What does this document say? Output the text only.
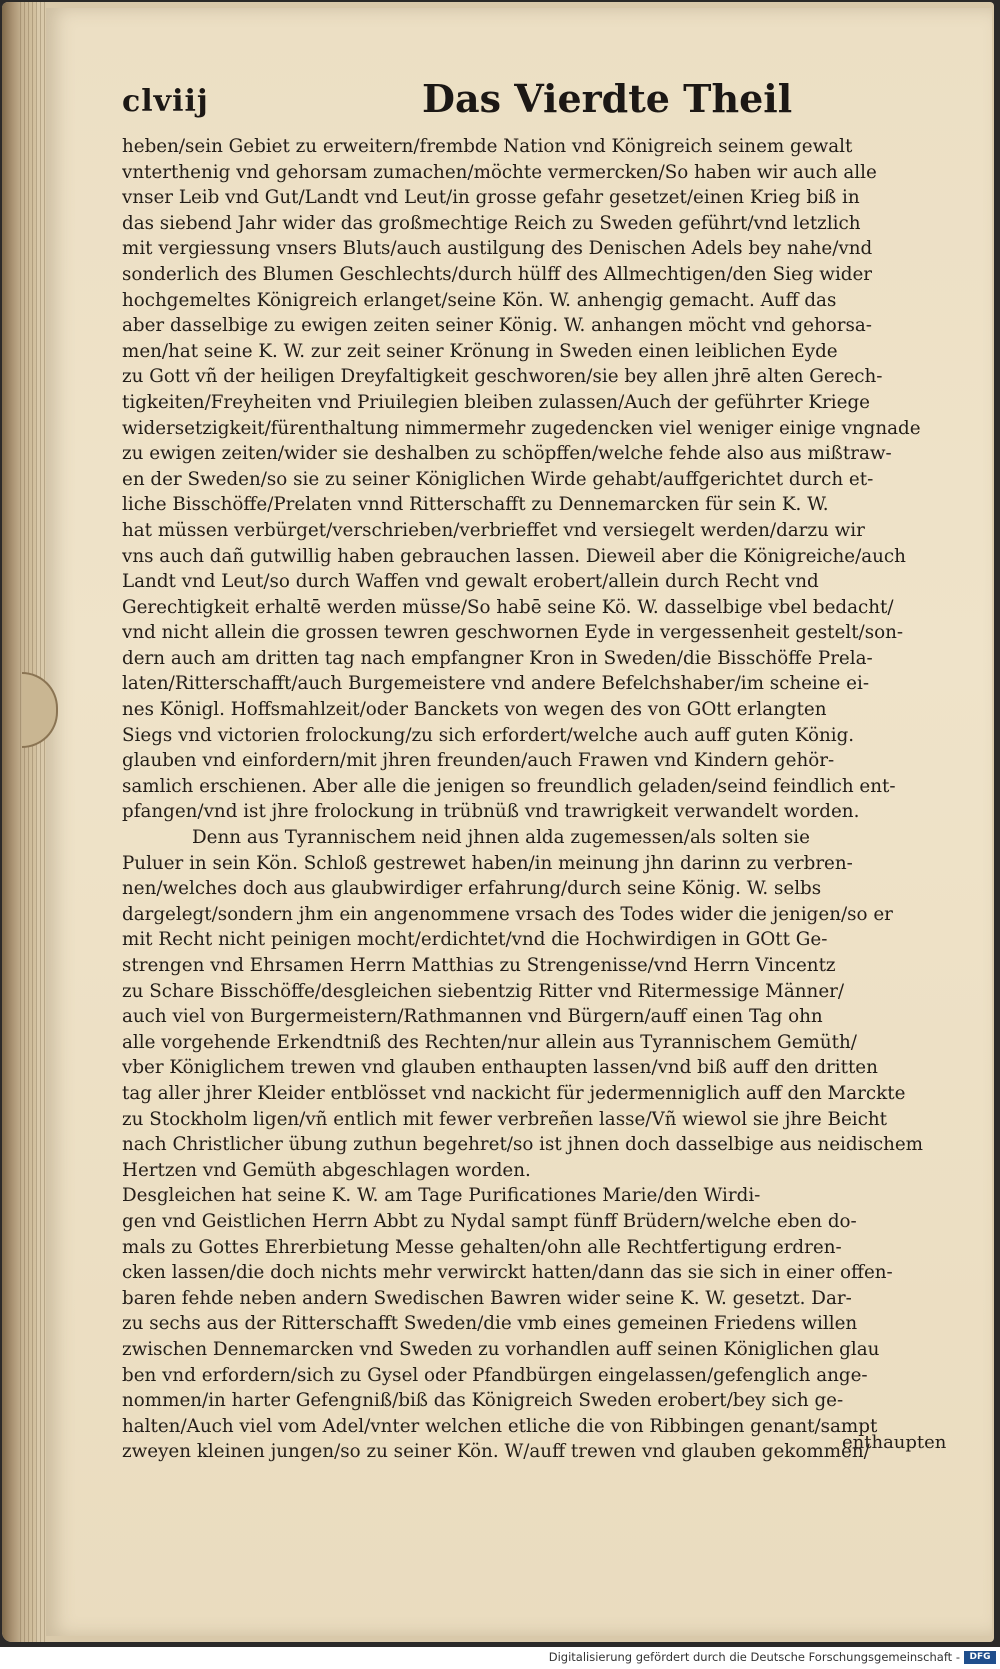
clviij	Das Vierdte Theil
heben/sein Gebiet zu erweitern/frembde Nation vnd Königreich seinem gewalt
vnterthenig vnd gehorsam zumachen/möchte vermercken/So haben wir auch alle
vnser Leib vnd Gut/Landt vnd Leut/in grosse gefahr gesetzet/einen Krieg biß in
das siebend Jahr wider das großmechtige Reich zu Sweden geführt/vnd letzlich
mit vergiessung vnsers Bluts/auch austilgung des Denischen Adels bey nahe/vnd
sonderlich des Blumen Geschlechts/durch hülff des Allmechtigen/den Sieg wider
hochgemeltes Königreich erlanget/seine Kön. W. anhengig gemacht. Auff das
aber dasselbige zu ewigen zeiten seiner König. W. anhangen möcht vnd gehorsa-
men/hat seine K. W. zur zeit seiner Krönung in Sweden einen leiblichen Eyde
zu Gott vñ der heiligen Dreyfaltigkeit geschworen/sie bey allen jhrē alten Gerech-
tigkeiten/Freyheiten vnd Priuilegien bleiben zulassen/Auch der geführter Kriege
widersetzigkeit/fürenthaltung nimmermehr zugedencken viel weniger einige vngnade
zu ewigen zeiten/wider sie deshalben zu schöpffen/welche fehde also aus mißtraw-
en der Sweden/so sie zu seiner Königlichen Wirde gehabt/auffgerichtet durch et-
liche Bisschöffe/Prelaten vnnd Ritterschafft zu Dennemarcken für sein K. W.
hat müssen verbürget/verschrieben/verbrieffet vnd versiegelt werden/darzu wir
vns auch dañ gutwillig haben gebrauchen lassen. Dieweil aber die Königreiche/auch
Landt vnd Leut/so durch Waffen vnd gewalt erobert/allein durch Recht vnd
Gerechtigkeit erhaltē werden müsse/So habē seine Kö. W. dasselbige vbel bedacht/
vnd nicht allein die grossen tewren geschwornen Eyde in vergessenheit gestelt/son-
dern auch am dritten tag nach empfangner Kron in Sweden/die Bisschöffe Prela-
laten/Ritterschafft/auch Burgemeistere vnd andere Befelchshaber/im scheine ei-
nes Königl. Hoffsmahlzeit/oder Banckets von wegen des von GOtt erlangten
Siegs vnd victorien frolockung/zu sich erfordert/welche auch auff guten König.
glauben vnd einfordern/mit jhren freunden/auch Frawen vnd Kindern gehör-
samlich erschienen. Aber alle die jenigen so freundlich geladen/seind feindlich ent-
pfangen/vnd ist jhre frolockung in trübnüß vnd trawrigkeit verwandelt worden.
Denn aus Tyrannischem neid jhnen alda zugemessen/als solten sie
Puluer in sein Kön. Schloß gestrewet haben/in meinung jhn darinn zu verbren-
nen/welches doch aus glaubwirdiger erfahrung/durch seine König. W. selbs
dargelegt/sondern jhm ein angenommene vrsach des Todes wider die jenigen/so er
mit Recht nicht peinigen mocht/erdichtet/vnd die Hochwirdigen in GOtt Ge-
strengen vnd Ehrsamen Herrn Matthias zu Strengenisse/vnd Herrn Vincentz
zu Schare Bisschöffe/desgleichen siebentzig Ritter vnd Ritermessige Männer/
auch viel von Burgermeistern/Rathmannen vnd Bürgern/auff einen Tag ohn
alle vorgehende Erkendtniß des Rechten/nur allein aus Tyrannischem Gemüth/
vber Königlichem trewen vnd glauben enthaupten lassen/vnd biß auff den dritten
tag aller jhrer Kleider entblösset vnd nackicht für jedermenniglich auff den Marckte
zu Stockholm ligen/vñ entlich mit fewer verbreñen lasse/Vñ wiewol sie jhre Beicht
nach Christlicher übung zuthun begehret/so ist jhnen doch dasselbige aus neidischem
Hertzen vnd Gemüth abgeschlagen worden.
Desgleichen hat seine K. W. am Tage Purificationes Marie/den Wirdi-
gen vnd Geistlichen Herrn Abbt zu Nydal sampt fünff Brüdern/welche eben do-
mals zu Gottes Ehrerbietung Messe gehalten/ohn alle Rechtfertigung erdren-
cken lassen/die doch nichts mehr verwirckt hatten/dann das sie sich in einer offen-
baren fehde neben andern Swedischen Bawren wider seine K. W. gesetzt. Dar-
zu sechs aus der Ritterschafft Sweden/die vmb eines gemeinen Friedens willen
zwischen Dennemarcken vnd Sweden zu vorhandlen auff seinen Königlichen glau
ben vnd erfordern/sich zu Gysel oder Pfandbürgen eingelassen/gefenglich ange-
nommen/in harter Gefengniß/biß das Königreich Sweden erobert/bey sich ge-
halten/Auch viel vom Adel/vnter welchen etliche die von Ribbingen genant/sampt
zweyen kleinen jungen/so zu seiner Kön. W/auff trewen vnd glauben gekommen/
enthaupten
Digitalisierung gefördert durch die Deutsche Forschungsgemeinschaft -	DFG
